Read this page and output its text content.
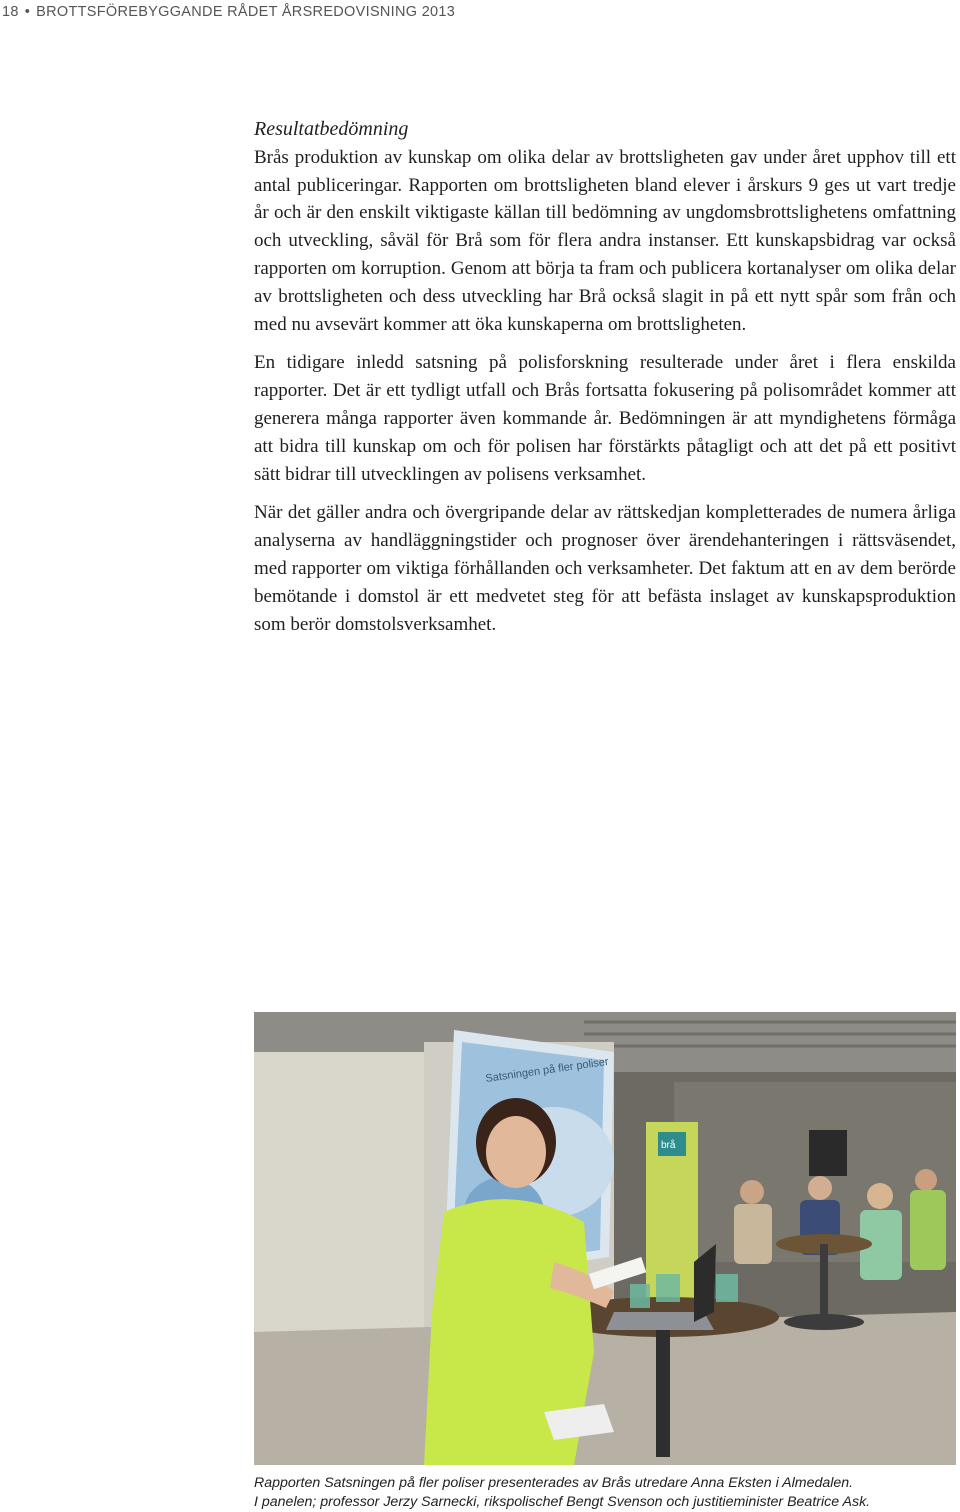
18 • BROTTSFÖREBYGGANDE RÅDET ÅRSREDOVISNING 2013
Resultatbedömning

Brås produktion av kunskap om olika delar av brottsligheten gav under året upphov till ett antal publiceringar. Rapporten om brottsligheten bland elever i årskurs 9 ges ut vart tredje år och är den enskilt viktigaste källan till bedömning av ungdomsbrottslighetens omfattning och utveckling, såväl för Brå som för flera andra instanser. Ett kunskapsbidrag var också rapporten om korruption. Genom att börja ta fram och publicera kortanalyser om olika delar av brottsligheten och dess utveckling har Brå också slagit in på ett nytt spår som från och med nu avsevärt kommer att öka kunskaperna om brottsligheten.

En tidigare inledd satsning på polisforskning resulterade under året i flera enskilda rapporter. Det är ett tydligt utfall och Brås fortsatta fokusering på polisområdet kommer att generera många rapporter även kommande år. Bedömningen är att myndighetens förmåga att bidra till kunskap om och för polisen har förstärkts påtagligt och att det på ett positivt sätt bidrar till utvecklingen av polisens verksamhet.

När det gäller andra och övergripande delar av rättskedjan kompletterades de numera årliga analyserna av handläggningstider och prognoser över ärendehanteringen i rättsväsendet, med rapporter om viktiga förhållanden och verksamheter. Det faktum att en av dem berörde bemötande i domstol är ett medvetet steg för att befästa inslaget av kunskapsproduktion som berör domstolsverksamhet.

Satsningen på fler poliser
brå
Rapporten Satsningen på fler poliser presenterades av Brås utredare Anna Eksten i Almedalen.
I panelen; professor Jerzy Sarnecki, rikspolischef Bengt Svenson och justitieminister Beatrice Ask.
